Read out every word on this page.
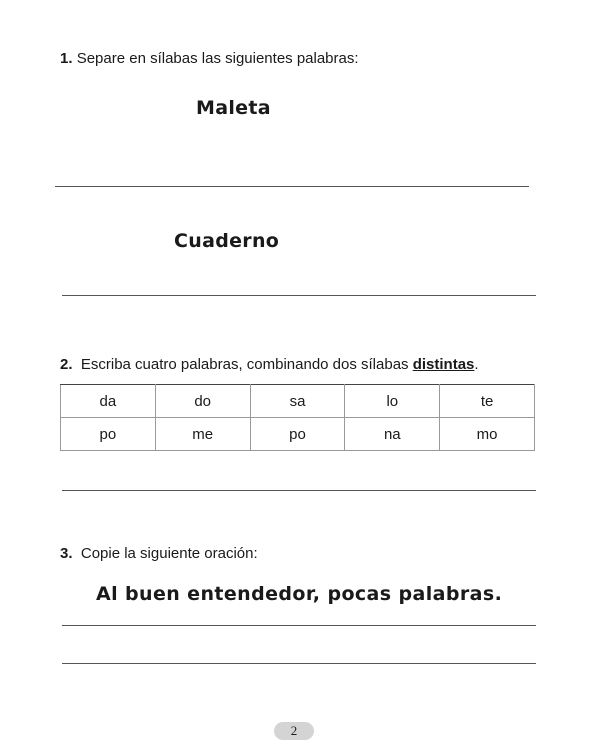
1. Separe en sílabas las siguientes palabras:
Maleta
Cuaderno
2. Escriba cuatro palabras, combinando dos sílabas distintas.
da	do	sa	lo	te
po	me	po	na	mo
3. Copie la siguiente oración:
Al buen entendedor, pocas palabras.
2
